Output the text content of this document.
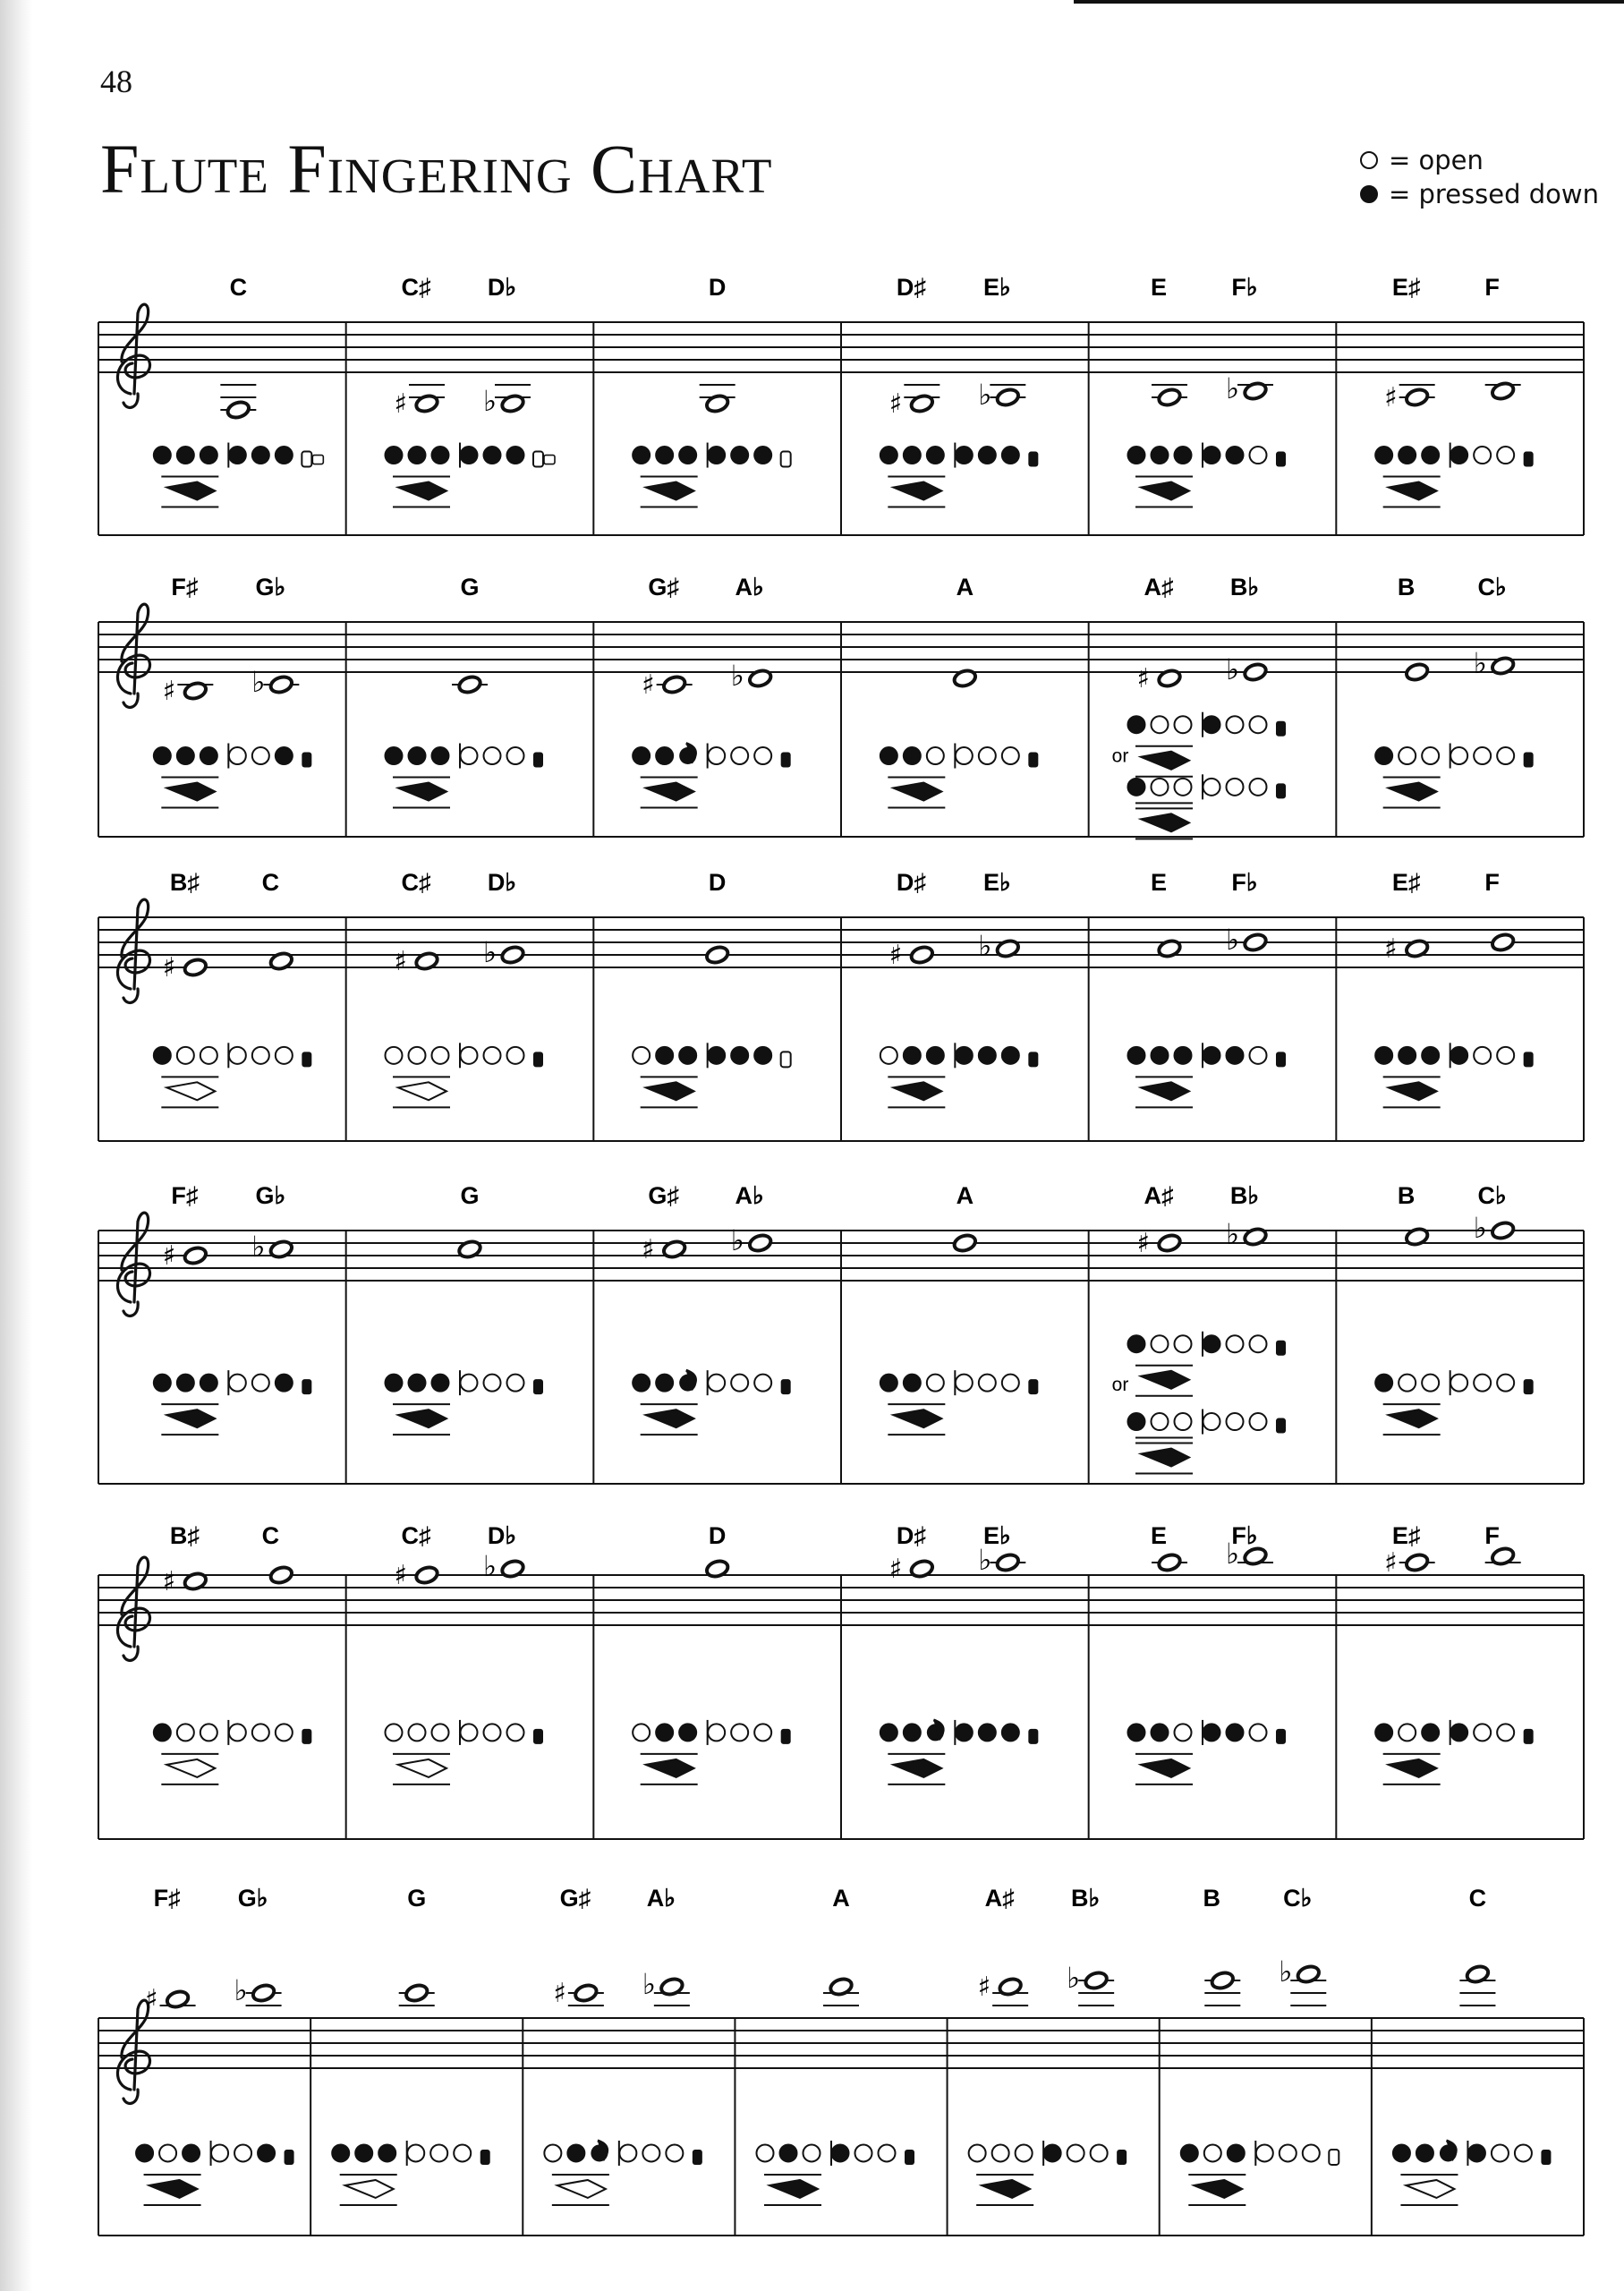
48
Flute Fingering Chart	= open
= pressed down
C	C♯
♯
D♭
♭
D	D♯
♯
E♭
♭
E	F♭
♭
E♯
♯
F
F♯
♯
G♭
♭
G	G♯
♯
A♭
♭
A	A♯
♯
B♭
♭
or
B	C♭
♭
B♯
♯
C	C♯
♯
D♭
♭
D	D♯
♯
E♭
♭
E	F♭
♭
E♯
♯
F
F♯
♯
G♭
♭
G	G♯
♯
A♭
♭
A	A♯
♯
B♭
♭
or
B	C♭
♭
B♯
♯
C	C♯
♯
D♭
♭
D	D♯
♯
E♭
♭
E	F♭
♭
E♯
♯
F
F♯
♯
G♭
♭
G	G♯
♯
A♭
♭
A	A♯
♯
B♭
♭
B	C♭
♭
C
